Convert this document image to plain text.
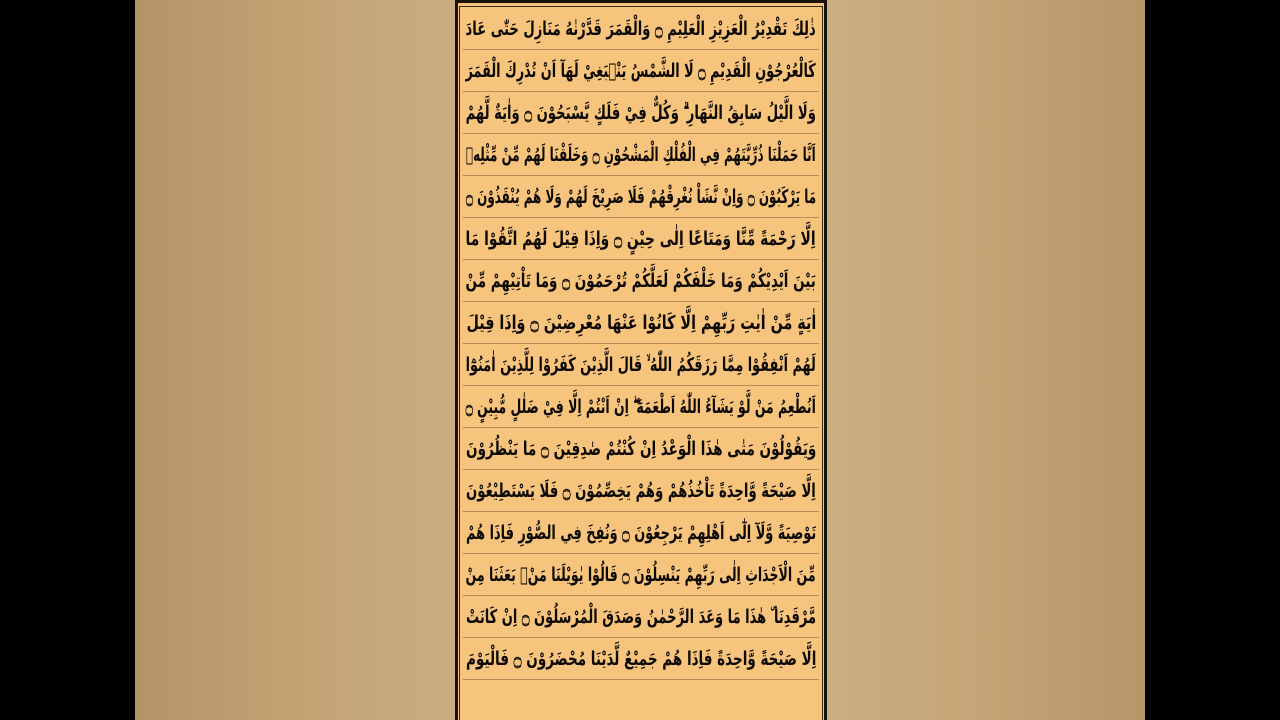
ذٰلِكَ تَقْدِيْرُ الْعَزِيْزِ الْعَلِيْمِ ۝ وَالْقَمَرَ قَدَّرْنٰهُ مَنَازِلَ حَتّٰى عَادَ
كَالْعُرْجُوْنِ الْقَدِيْمِ ۝ لَا الشَّمْسُ يَنْۢبَغِيْ لَهَآ اَنْ تُدْرِكَ الْقَمَرَ
وَلَا الَّيْلُ سَابِقُ النَّهَارِ ۗ وَكُلٌّ فِيْ فَلَكٍ يَّسْبَحُوْنَ ۝ وَاٰيَةٌ لَّهُمْ
اَنَّا حَمَلْنَا ذُرِّيَّتَهُمْ فِي الْفُلْكِ الْمَشْحُوْنِ ۝ وَخَلَقْنَا لَهُمْ مِّنْ مِّثْلِهٖ
مَا يَرْكَبُوْنَ ۝ وَاِنْ نَّشَاْ نُغْرِقْهُمْ فَلَا صَرِيْخَ لَهُمْ وَلَا هُمْ يُنْقَذُوْنَ ۝
اِلَّا رَحْمَةً مِّنَّا وَمَتَاعًا اِلٰى حِيْنٍ ۝ وَاِذَا قِيْلَ لَهُمُ اتَّقُوْا مَا
بَيْنَ اَيْدِيْكُمْ وَمَا خَلْفَكُمْ لَعَلَّكُمْ تُرْحَمُوْنَ ۝ وَمَا تَاْتِيْهِمْ مِّنْ
اٰيَةٍ مِّنْ اٰيٰتِ رَبِّهِمْ اِلَّا كَانُوْا عَنْهَا مُعْرِضِيْنَ ۝ وَاِذَا قِيْلَ
لَهُمْ اَنْفِقُوْا مِمَّا رَزَقَكُمُ اللّٰهُ ۙ قَالَ الَّذِيْنَ كَفَرُوْا لِلَّذِيْنَ اٰمَنُوْٓا
اَنُطْعِمُ مَنْ لَّوْ يَشَآءُ اللّٰهُ اَطْعَمَهٗٓ ۖ اِنْ اَنْتُمْ اِلَّا فِيْ ضَلٰلٍ مُّبِيْنٍ ۝
وَيَقُوْلُوْنَ مَتٰى هٰذَا الْوَعْدُ اِنْ كُنْتُمْ صٰدِقِيْنَ ۝ مَا يَنْظُرُوْنَ
اِلَّا صَيْحَةً وَّاحِدَةً تَاْخُذُهُمْ وَهُمْ يَخِصِّمُوْنَ ۝ فَلَا يَسْتَطِيْعُوْنَ
تَوْصِيَةً وَّلَآ اِلٰٓى اَهْلِهِمْ يَرْجِعُوْنَ ۝ وَنُفِخَ فِي الصُّوْرِ فَاِذَا هُمْ
مِّنَ الْاَجْدَاثِ اِلٰى رَبِّهِمْ يَنْسِلُوْنَ ۝ قَالُوْا يٰوَيْلَنَا مَنْۢ بَعَثَنَا مِنْ
مَّرْقَدِنَا ۜ هٰذَا مَا وَعَدَ الرَّحْمٰنُ وَصَدَقَ الْمُرْسَلُوْنَ ۝ اِنْ كَانَتْ
اِلَّا صَيْحَةً وَّاحِدَةً فَاِذَا هُمْ جَمِيْعٌ لَّدَيْنَا مُحْضَرُوْنَ ۝ فَالْيَوْمَ
